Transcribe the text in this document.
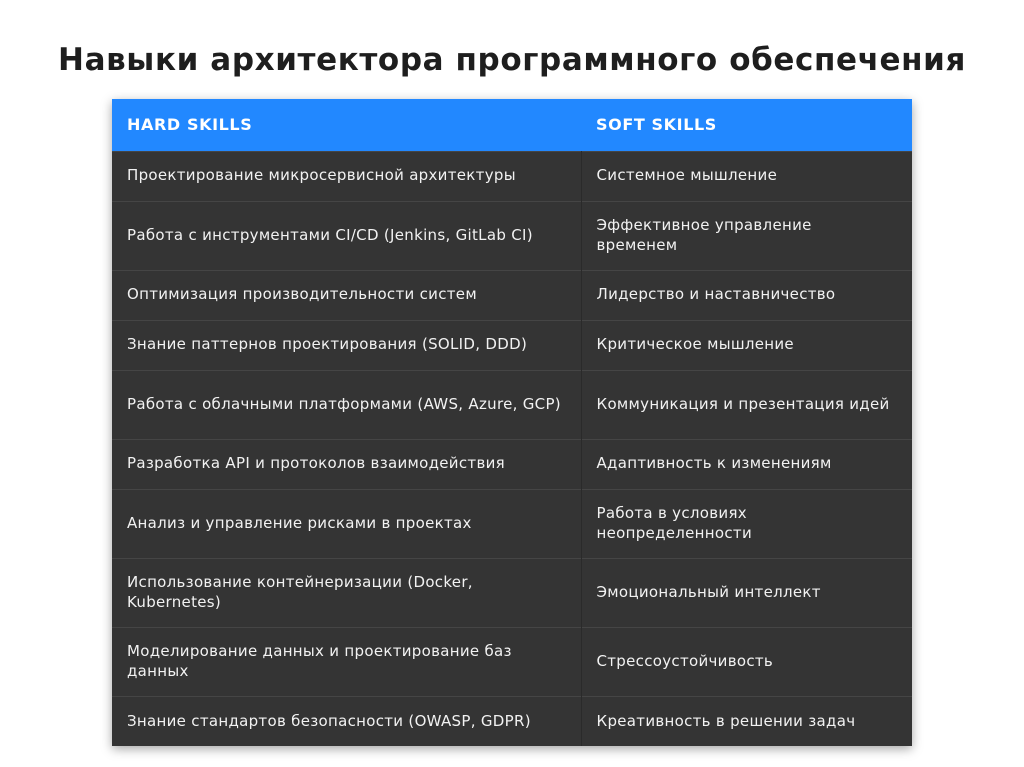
Навыки архитектора программного обеспечения
HARD SKILLS	SOFT SKILLS
Проектирование микросервисной архитектуры	Системное мышление
Работа с инструментами CI/CD (Jenkins, GitLab CI)	Эффективное управление временем
Оптимизация производительности систем	Лидерство и наставничество
Знание паттернов проектирования (SOLID, DDD)	Критическое мышление
Работа с облачными платформами (AWS, Azure, GCP)	Коммуникация и презентация идей
Разработка API и протоколов взаимодействия	Адаптивность к изменениям
Анализ и управление рисками в проектах	Работа в условиях неопределенности
Использование контейнеризации (Docker, Kubernetes)	Эмоциональный интеллект
Моделирование данных и проектирование баз данных	Стрессоустойчивость
Знание стандартов безопасности (OWASP, GDPR)	Креативность в решении задач
